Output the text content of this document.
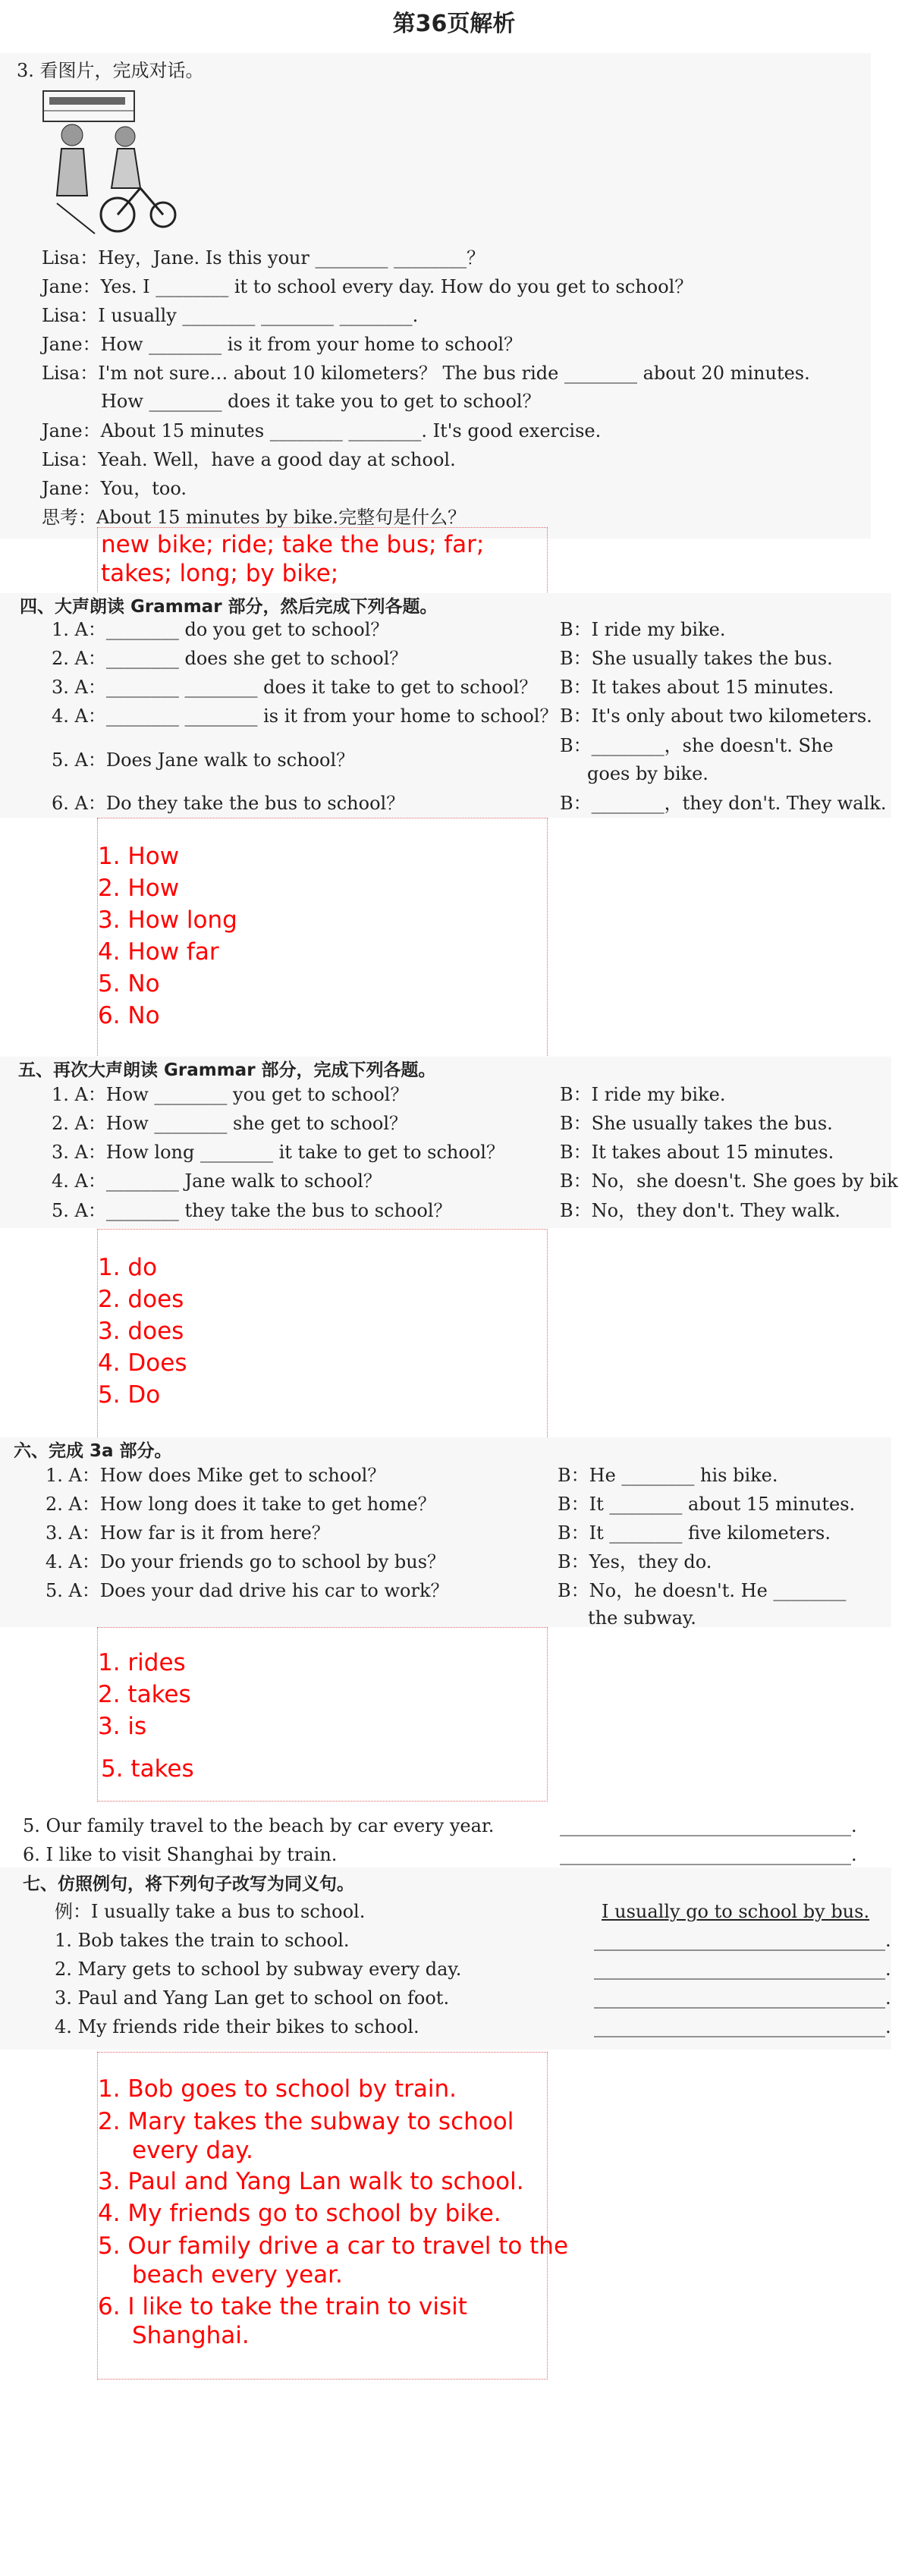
第36页解析
3. 看图片，完成对话。
Lisa：Hey，Jane. Is this your ________ ________？
Jane：Yes. I ________ it to school every day. How do you get to school？
Lisa：I usually ________ ________ ________.
Jane：How ________ is it from your home to school？
Lisa：I'm not sure… about 10 kilometers？ The bus ride ________ about 20 minutes.
How ________ does it take you to get to school？
Jane：About 15 minutes ________ ________. It's good exercise.
Lisa：Yeah. Well，have a good day at school.
Jane：You，too.
思考：About 15 minutes by bike.完整句是什么？
new bike; ride; take the bus; far;
takes; long; by bike;
四、大声朗读 Grammar 部分，然后完成下列各题。
1. A：________ do you get to school？
2. A：________ does she get to school？
3. A：________ ________ does it take to get to school？
4. A：________ ________ is it from your home to school？
5. A：Does Jane walk to school？
6. A：Do they take the bus to school？
B：I ride my bike.
B：She usually takes the bus.
B：It takes about 15 minutes.
B：It's only about two kilometers.
B：________，she doesn't. She
goes by bike.
B：________，they don't. They walk.
1. How
2. How
3. How long
4. How far
5. No
6. No
五、再次大声朗读 Grammar 部分，完成下列各题。
1. A：How ________ you get to school？
2. A：How ________ she get to school？
3. A：How long ________ it take to get to school？
4. A：________ Jane walk to school？
5. A：________ they take the bus to school？
B：I ride my bike.
B：She usually takes the bus.
B：It takes about 15 minutes.
B：No，she doesn't. She goes by bik
B：No，they don't. They walk.
1. do
2. does
3. does
4. Does
5. Do
六、完成 3a 部分。
1. A：How does Mike get to school？
2. A：How long does it take to get home？
3. A：How far is it from here？
4. A：Do your friends go to school by bus？
5. A：Does your dad drive his car to work？
B：He ________ his bike.
B：It ________ about 15 minutes.
B：It ________ five kilometers.
B：Yes，they do.
B：No，he doesn't. He ________
the subway.
1. rides
2. takes
3. is
5. takes
5. Our family travel to the beach by car every year.	________________________________.
6. I like to visit Shanghai by train.	________________________________.
七、仿照例句，将下列句子改写为同义句。
例：I usually take a bus to school.
1. Bob takes the train to school.
2. Mary gets to school by subway every day.
3. Paul and Yang Lan get to school on foot.
4. My friends ride their bikes to school.
I usually go to school by bus.
________________________________.
________________________________.
________________________________.
________________________________.
1. Bob goes to school by train.
2. Mary takes the subway to school every day.
3. Paul and Yang Lan walk to school.
4. My friends go to school by bike.
5. Our family drive a car to travel to the beach every year.
6. I like to take the train to visit Shanghai.
